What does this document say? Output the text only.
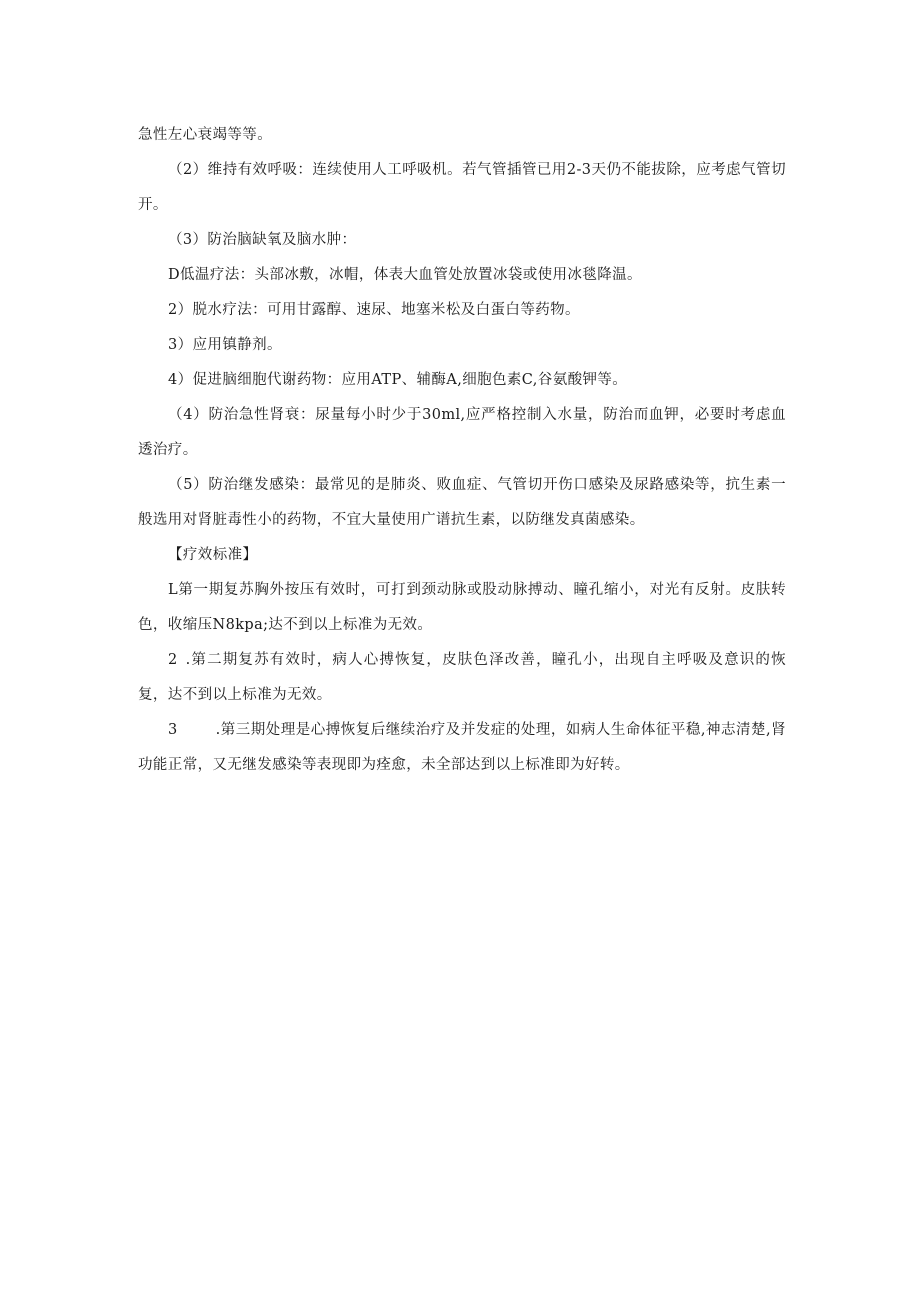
急性左心衰竭等等。

（2）维持有效呼吸：连续使用人工呼吸机。若气管插管已用2-3天仍不能拔除，应考虑气管切开。

（3）防治脑缺氧及脑水肿：

D低温疗法：头部冰敷，冰帽，体表大血管处放置冰袋或使用冰毯降温。

2）脱水疗法：可用甘露醇、速尿、地塞米松及白蛋白等药物。

3）应用镇静剂。

4）促进脑细胞代谢药物：应用ATP、辅酶A,细胞色素C,谷氨酸钾等。

（4）防治急性肾衰：尿量每小时少于30ml,应严格控制入水量，防治而血钾，必要时考虑血透治疗。

（5）防治继发感染：最常见的是肺炎、败血症、气管切开伤口感染及尿路感染等，抗生素一般选用对肾脏毒性小的药物，不宜大量使用广谱抗生素，以防继发真菌感染。

【疗效标准】

L第一期复苏胸外按压有效时，可打到颈动脉或股动脉搏动、瞳孔缩小，对光有反射。皮肤转色，收缩压N8kpa;达不到以上标准为无效。

2 .第二期复苏有效时，病人心搏恢复，皮肤色泽改善，瞳孔小，出现自主呼吸及意识的恢复，达不到以上标准为无效。

3	.第三期处理是心搏恢复后继续治疗及并发症的处理，如病人生命体征平稳,神志清楚,肾功能正常，又无继发感染等表现即为痊愈，未全部达到以上标准即为好转。
